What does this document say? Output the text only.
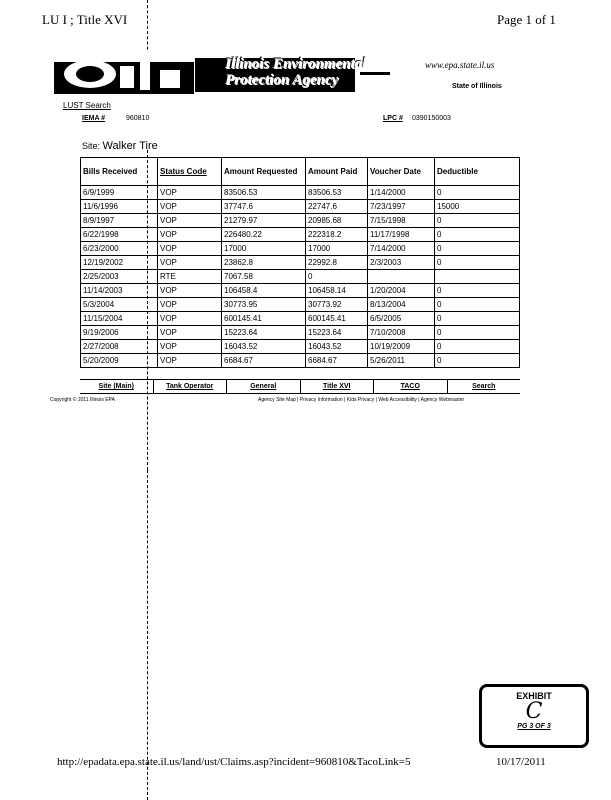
LU I ; Title XVI	Page 1 of 1
Illinois Environmental
Protection Agency
www.epa.state.il.us
State of Illinois
LUST Search
IEMA #	960810	LPC # 0390150003
Site: Walker Tire
Bills Received	Status Code	Amount Requested	Amount Paid	Voucher Date	Deductible
6/9/1999	VOP	83506.53	83506.53	1/14/2000	0
11/6/1996	VOP	37747.6	22747.6	7/23/1997	15000
8/9/1997	VOP	21279.97	20985.68	7/15/1998	0
6/22/1998	VOP	226480.22	222318.2	11/17/1998	0
6/23/2000	VOP	17000	17000	7/14/2000	0
12/19/2002	VOP	23862.8	22992.8	2/3/2003	0
2/25/2003	RTE	7067.58	0		
11/14/2003	VOP	106458.4	106458.14	1/20/2004	0
5/3/2004	VOP	30773.95	30773.92	8/13/2004	0
11/15/2004	VOP	600145.41	600145.41	6/5/2005	0
9/19/2006	VOP	15223.64	15223.64	7/10/2008	0
2/27/2008	VOP	16043.52	16043.52	10/19/2009	0
5/20/2009	VOP	6684.67	6684.67	5/26/2011	0
Site (Main)	Tank Operator	General	Title XVI	TACO	Search
Copyright © 2011 Illinois EPA	Agency Site Map | Privacy Information | Kids Privacy | Web Accessibility | Agency Webmaster
EXHIBIT
C
PG 3 OF 3
http://epadata.epa.state.il.us/land/ust/Claims.asp?incident=960810&TacoLink=5	10/17/2011
